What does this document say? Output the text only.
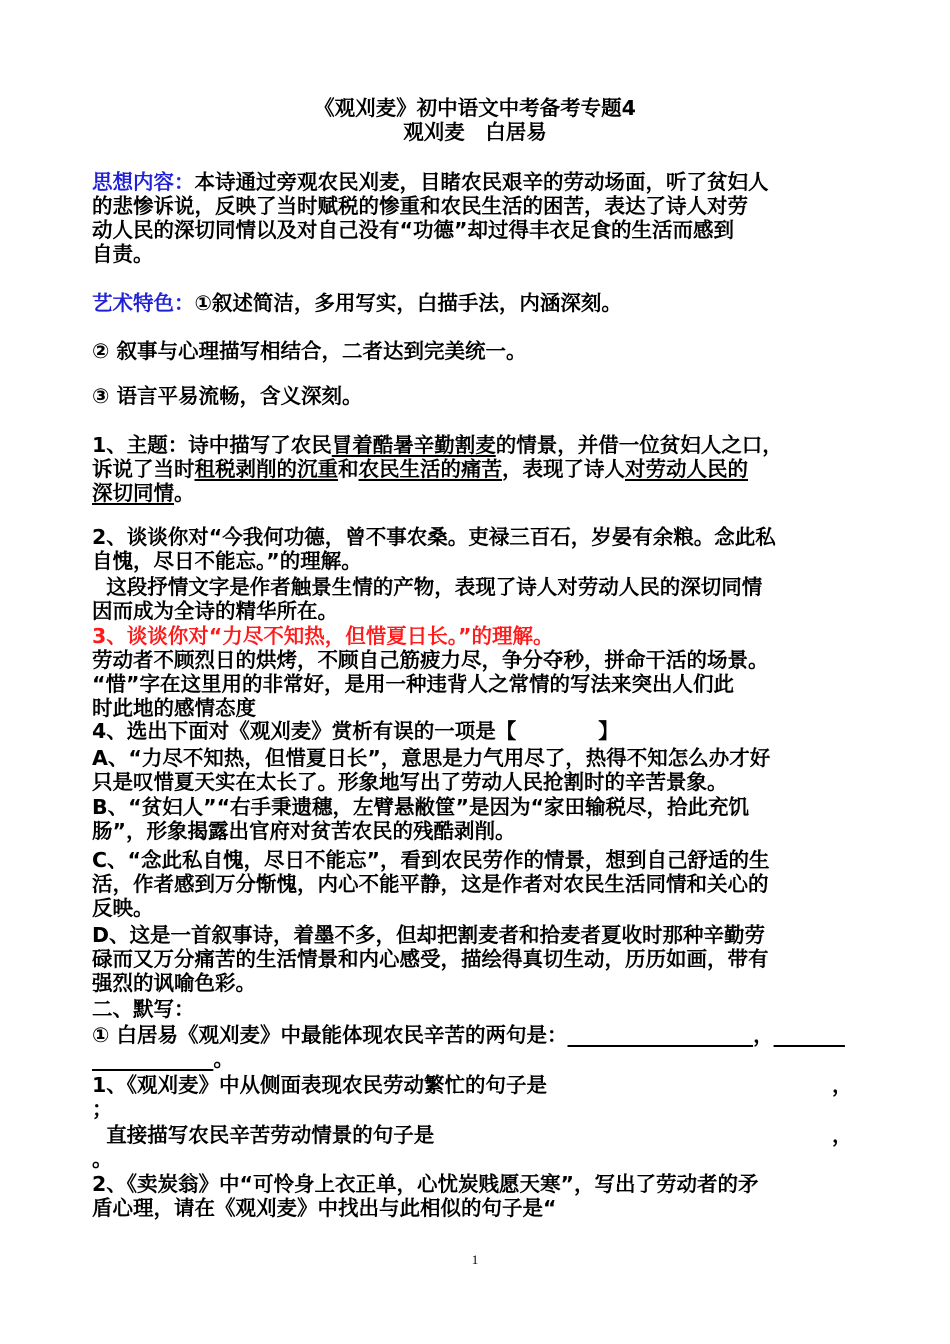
《观刈麦》初中语文中考备考专题4
观刈麦　白居易
思想内容：本诗通过旁观农民刈麦，目睹农民艰辛的劳动场面，听了贫妇人
的悲惨诉说，反映了当时赋税的惨重和农民生活的困苦，表达了诗人对劳
动人民的深切同情以及对自己没有“功德”却过得丰衣足食的生活而感到
自责。
艺术特色：①叙述简洁，多用写实，白描手法，内涵深刻。
② 叙事与心理描写相结合，二者达到完美统一。
③ 语言平易流畅，含义深刻。
1、主题：诗中描写了农民冒着酷暑辛勤割麦的情景，并借一位贫妇人之口，
诉说了当时租税剥削的沉重和农民生活的痛苦，表现了诗人对劳动人民的
深切同情。
2、谈谈你对“今我何功德，曾不事农桑。吏禄三百石，岁晏有余粮。念此私
自愧，尽日不能忘。”的理解。
这段抒情文字是作者触景生情的产物，表现了诗人对劳动人民的深切同情
因而成为全诗的精华所在。
3、谈谈你对“力尽不知热，但惜夏日长。”的理解。
劳动者不顾烈日的烘烤，不顾自己筋疲力尽，争分夺秒，拼命干活的场景。
“惜”字在这里用的非常好，是用一种违背人之常情的写法来突出人们此
时此地的感情态度
4、选出下面对《观刈麦》赏析有误的一项是【　　　　】
A、“力尽不知热，但惜夏日长”，意思是力气用尽了，热得不知怎么办才好
只是叹惜夏天实在太长了。形象地写出了劳动人民抢割时的辛苦景象。
B、“贫妇人”“右手秉遗穗，左臂悬敝筐”是因为“家田输税尽，拾此充饥
肠”，形象揭露出官府对贫苦农民的残酷剥削。
C、“念此私自愧，尽日不能忘”，看到农民劳作的情景，想到自己舒适的生
活，作者感到万分惭愧，内心不能平静，这是作者对农民生活同情和关心的
反映。
D、这是一首叙事诗，着墨不多，但却把割麦者和拾麦者夏收时那种辛勤劳
碌而又万分痛苦的生活情景和内心感受，描绘得真切生动，历历如画，带有
强烈的讽喻色彩。
二、默写：
① 白居易《观刈麦》中最能体现农民辛苦的两句是：	，
。
1、《观刈麦》中从侧面表现农民劳动繁忙的句子是	，
；
直接描写农民辛苦劳动情景的句子是	，
。
2、《卖炭翁》中“可怜身上衣正单，心忧炭贱愿天寒”，写出了劳动者的矛
盾心理，请在《观刈麦》中找出与此相似的句子是“
1
